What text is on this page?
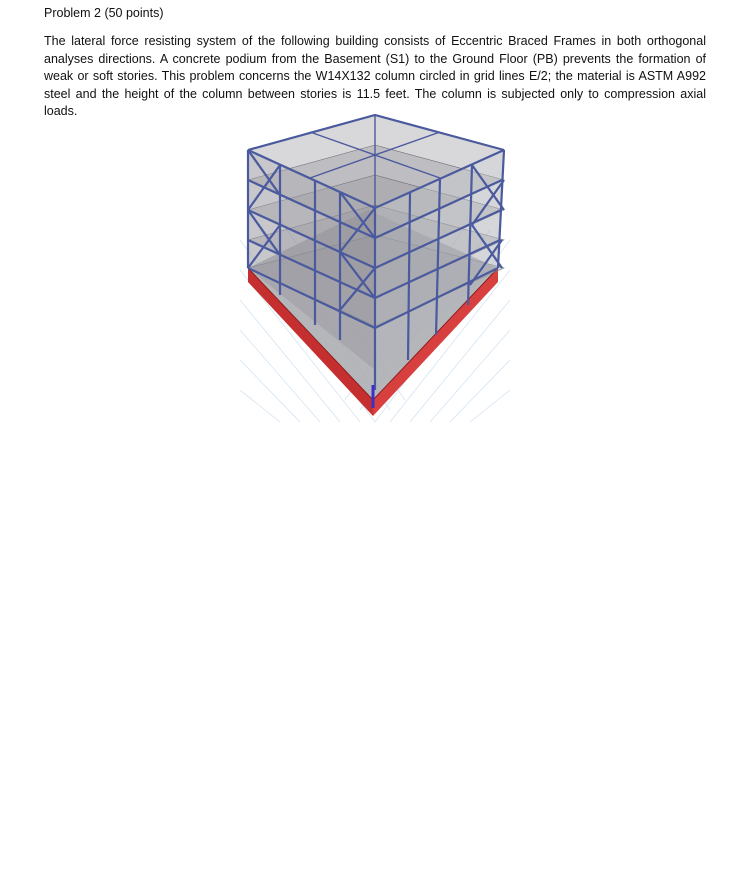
Problem 2 (50 points)

The lateral force resisting system of the following building consists of Eccentric Braced Frames in both orthogonal analyses directions. A concrete podium from the Basement (S1) to the Ground Floor (PB) prevents the formation of weak or soft stories. This problem concerns the W14X132 column circled in grid lines E/2; the material is ASTM A992 steel and the height of the column between stories is 11.5 feet. The column is subjected only to compression axial loads.
